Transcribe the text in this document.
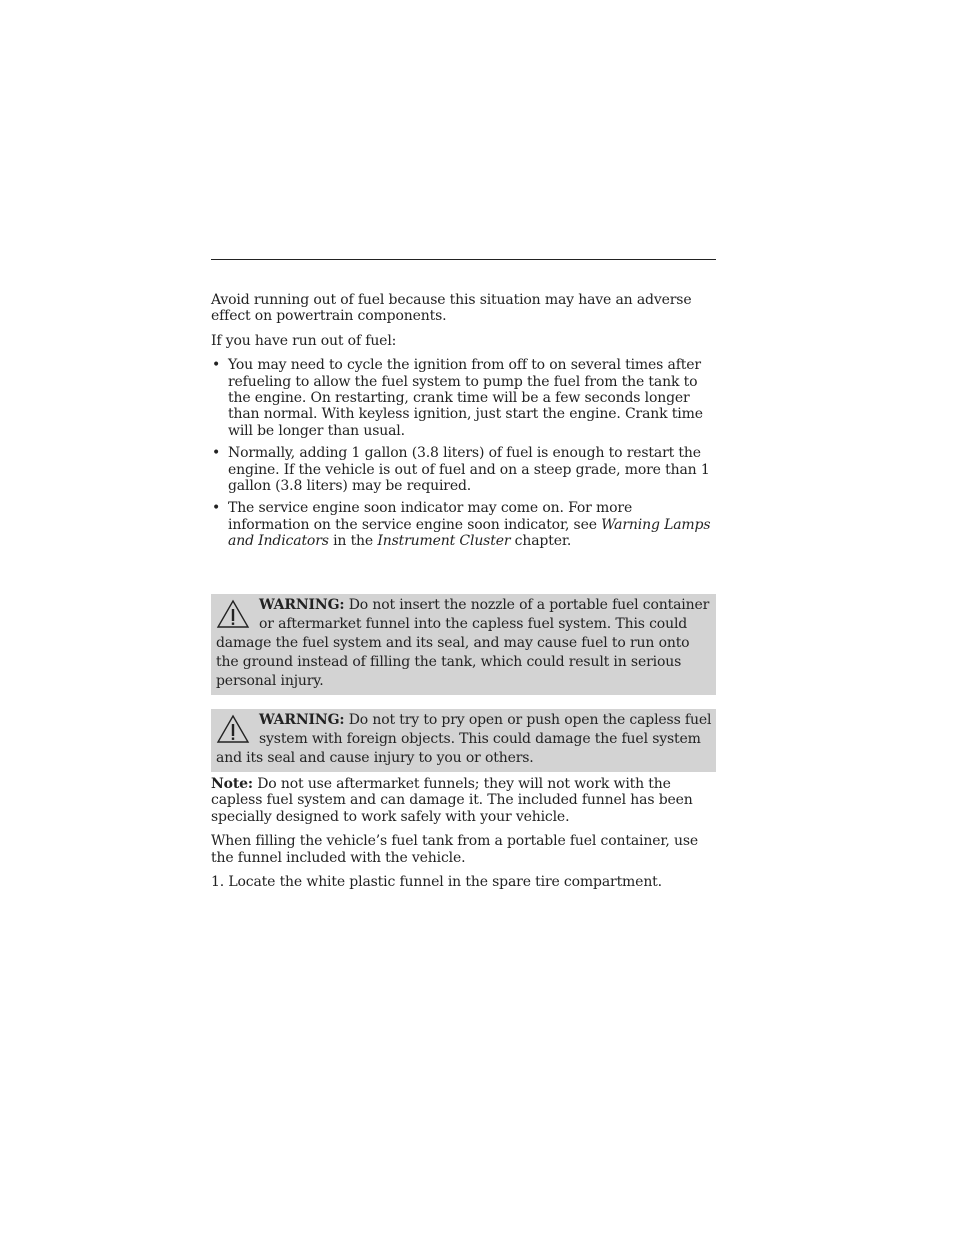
Avoid running out of fuel because this situation may have an adverse effect on powertrain components.

If you have run out of fuel:

• You may need to cycle the ignition from off to on several times after refueling to allow the fuel system to pump the fuel from the tank to the engine. On restarting, crank time will be a few seconds longer than normal. With keyless ignition, just start the engine. Crank time will be longer than usual.
• Normally, adding 1 gallon (3.8 liters) of fuel is enough to restart the engine. If the vehicle is out of fuel and on a steep grade, more than 1 gallon (3.8 liters) may be required.
• The service engine soon indicator may come on. For more information on the service engine soon indicator, see Warning Lamps and Indicators in the Instrument Cluster chapter.
WARNING: Do not insert the nozzle of a portable fuel container or aftermarket funnel into the capless fuel system. This could damage the fuel system and its seal, and may cause fuel to run onto the ground instead of filling the tank, which could result in serious personal injury.
WARNING: Do not try to pry open or push open the capless fuel system with foreign objects. This could damage the fuel system and its seal and cause injury to you or others.

Note: Do not use aftermarket funnels; they will not work with the capless fuel system and can damage it. The included funnel has been specially designed to work safely with your vehicle.

When filling the vehicle’s fuel tank from a portable fuel container, use the funnel included with the vehicle.

1. Locate the white plastic funnel in the spare tire compartment.
